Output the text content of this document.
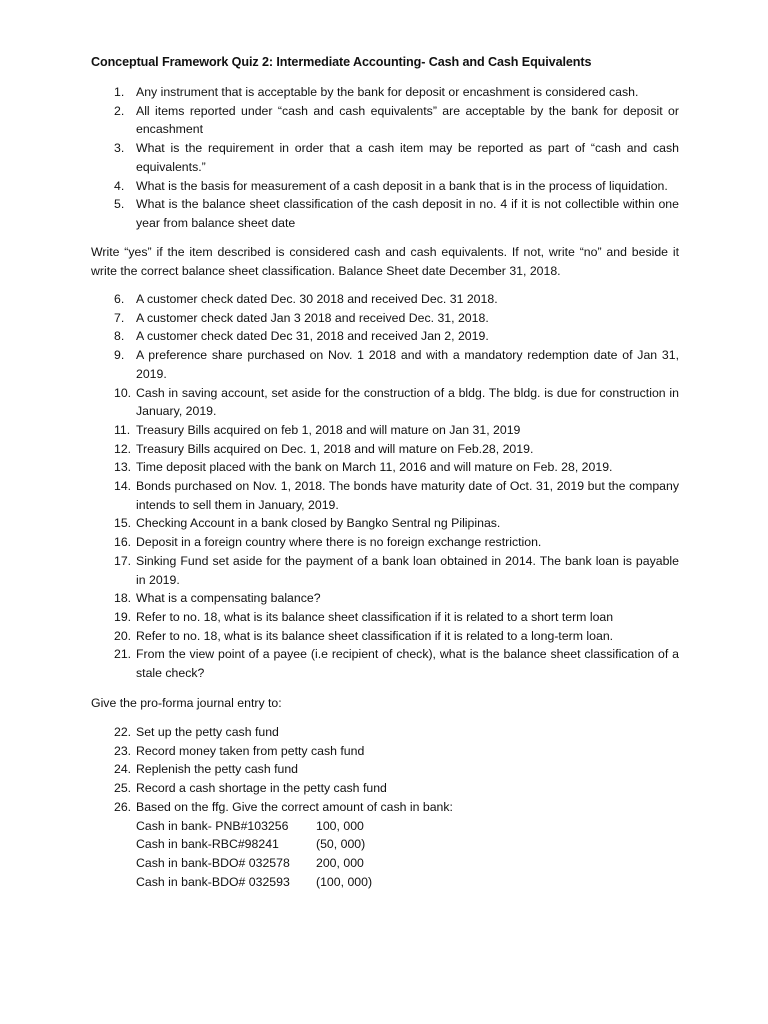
Conceptual Framework Quiz 2: Intermediate Accounting- Cash and Cash Equivalents
1. Any instrument that is acceptable by the bank for deposit or encashment is considered cash.
2. All items reported under “cash and cash equivalents” are acceptable by the bank for deposit or encashment
3. What is the requirement in order that a cash item may be reported as part of “cash and cash equivalents.”
4. What is the basis for measurement of a cash deposit in a bank that is in the process of liquidation.
5. What is the balance sheet classification of the cash deposit in no. 4 if it is not collectible within one year from balance sheet date
Write “yes” if the item described is considered cash and cash equivalents. If not, write “no” and beside it write the correct balance sheet classification. Balance Sheet date December 31, 2018.
6. A customer check dated Dec. 30 2018 and received Dec. 31 2018.
7. A customer check dated Jan 3 2018 and received Dec. 31, 2018.
8. A customer check dated Dec 31, 2018 and received Jan 2, 2019.
9. A preference share purchased on Nov. 1 2018 and with a mandatory redemption date of Jan 31, 2019.
10. Cash in saving account, set aside for the construction of a bldg. The bldg. is due for construction in January, 2019.
11. Treasury Bills acquired on feb 1, 2018 and will mature on Jan 31, 2019
12. Treasury Bills acquired on Dec. 1, 2018 and will mature on Feb.28, 2019.
13. Time deposit placed with the bank on March 11, 2016 and will mature on Feb. 28, 2019.
14. Bonds purchased on Nov. 1, 2018. The bonds have maturity date of Oct. 31, 2019 but the company intends to sell them in January, 2019.
15. Checking Account in a bank closed by Bangko Sentral ng Pilipinas.
16. Deposit in a foreign country where there is no foreign exchange restriction.
17. Sinking Fund set aside for the payment of a bank loan obtained in 2014. The bank loan is payable in 2019.
18. What is a compensating balance?
19. Refer to no. 18, what is its balance sheet classification if it is related to a short term loan
20. Refer to no. 18, what is its balance sheet classification if it is related to a long-term loan.
21. From the view point of a payee (i.e recipient of check), what is the balance sheet classification of a stale check?
Give the pro-forma journal entry to:
22. Set up the petty cash fund
23. Record money taken from petty cash fund
24. Replenish the petty cash fund
25. Record a cash shortage in the petty cash fund
26. Based on the ffg. Give the correct amount of cash in bank:
Cash in bank- PNB#103256	100, 000
Cash in bank-RBC#98241	(50, 000)
Cash in bank-BDO# 032578	200, 000
Cash in bank-BDO# 032593	(100, 000)
